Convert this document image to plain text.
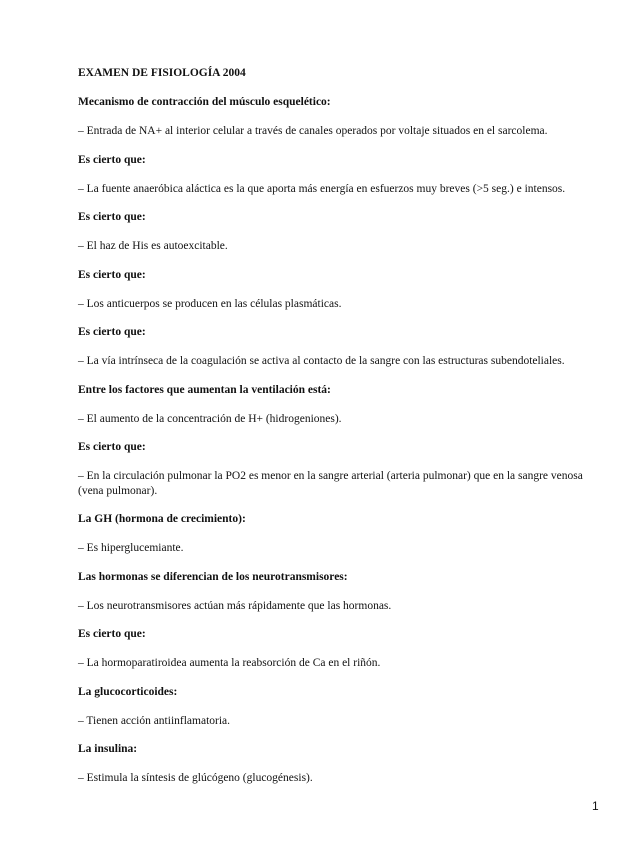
EXAMEN DE FISIOLOGÍA 2004
Mecanismo de contracción del músculo esquelético:
– Entrada de NA+ al interior celular a través de canales operados por voltaje situados en el sarcolema.
Es cierto que:
– La fuente anaeróbica aláctica es la que aporta más energía en esfuerzos muy breves (>5 seg.) e intensos.
Es cierto que:
– El haz de His es autoexcitable.
Es cierto que:
– Los anticuerpos se producen en las células plasmáticas.
Es cierto que:
– La vía intrínseca de la coagulación se activa al contacto de la sangre con las estructuras subendoteliales.
Entre los factores que aumentan la ventilación está:
– El aumento de la concentración de H+ (hidrogeniones).
Es cierto que:
– En la circulación pulmonar la PO2 es menor en la sangre arterial (arteria pulmonar) que en la sangre venosa (vena pulmonar).
La GH (hormona de crecimiento):
– Es hiperglucemiante.
Las hormonas se diferencian de los neurotransmisores:
– Los neurotransmisores actúan más rápidamente que las hormonas.
Es cierto que:
– La hormoparatiroidea aumenta la reabsorción de Ca en el riñón.
La glucocorticoides:
– Tienen acción antiinflamatoria.
La insulina:
– Estimula la síntesis de glúcógeno (glucogénesis).
1
